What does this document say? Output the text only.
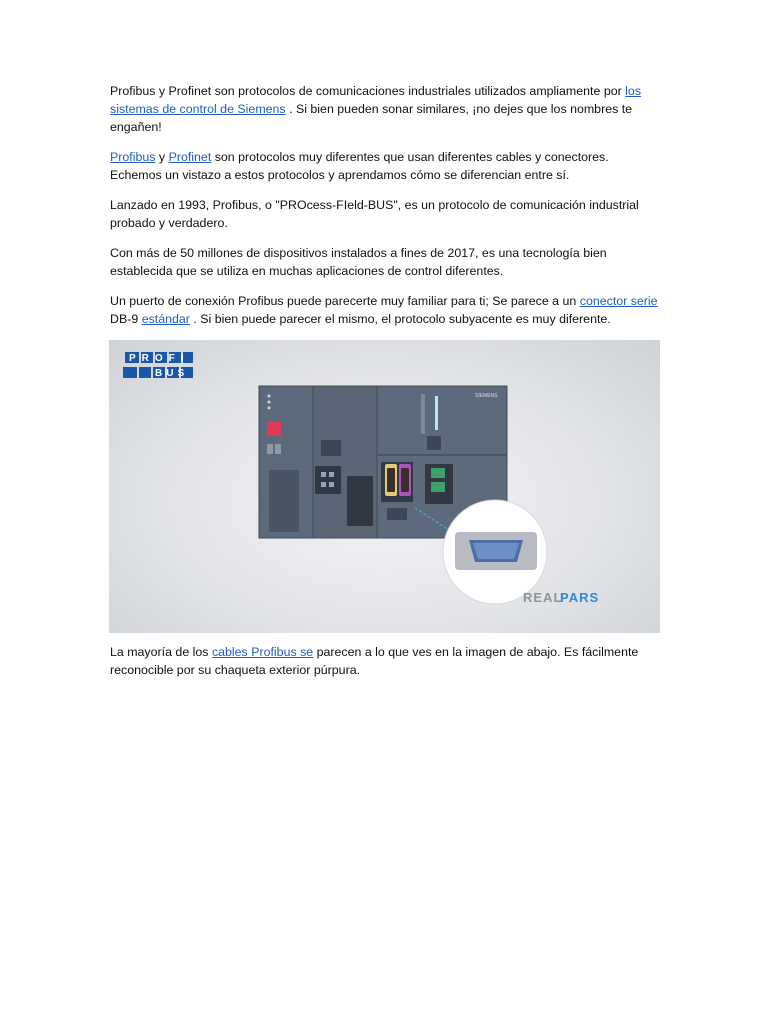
Profibus y Profinet son protocolos de comunicaciones industriales utilizados ampliamente por los sistemas de control de Siemens . Si bien pueden sonar similares, ¡no dejes que los nombres te engañen!

Profibus y Profinet son protocolos muy diferentes que usan diferentes cables y conectores. Echemos un vistazo a estos protocolos y aprendamos cómo se diferencian entre sí.

Lanzado en 1993, Profibus, o "PROcess-FIeld-BUS", es un protocolo de comunicación industrial probado y verdadero.

Con más de 50 millones de dispositivos instalados a fines de 2017, es una tecnología bien establecida que se utiliza en muchas aplicaciones de control diferentes.

Un puerto de conexión Profibus puede parecerte muy familiar para ti; Se parece a un conector serie DB-9 estándar . Si bien puede parecer el mismo, el protocolo subyacente es muy diferente.

PROFI
BUS
SIEMENS
REAL
PARS

La mayoría de los cables Profibus se parecen a lo que ves en la imagen de abajo. Es fácilmente reconocible por su chaqueta exterior púrpura.
